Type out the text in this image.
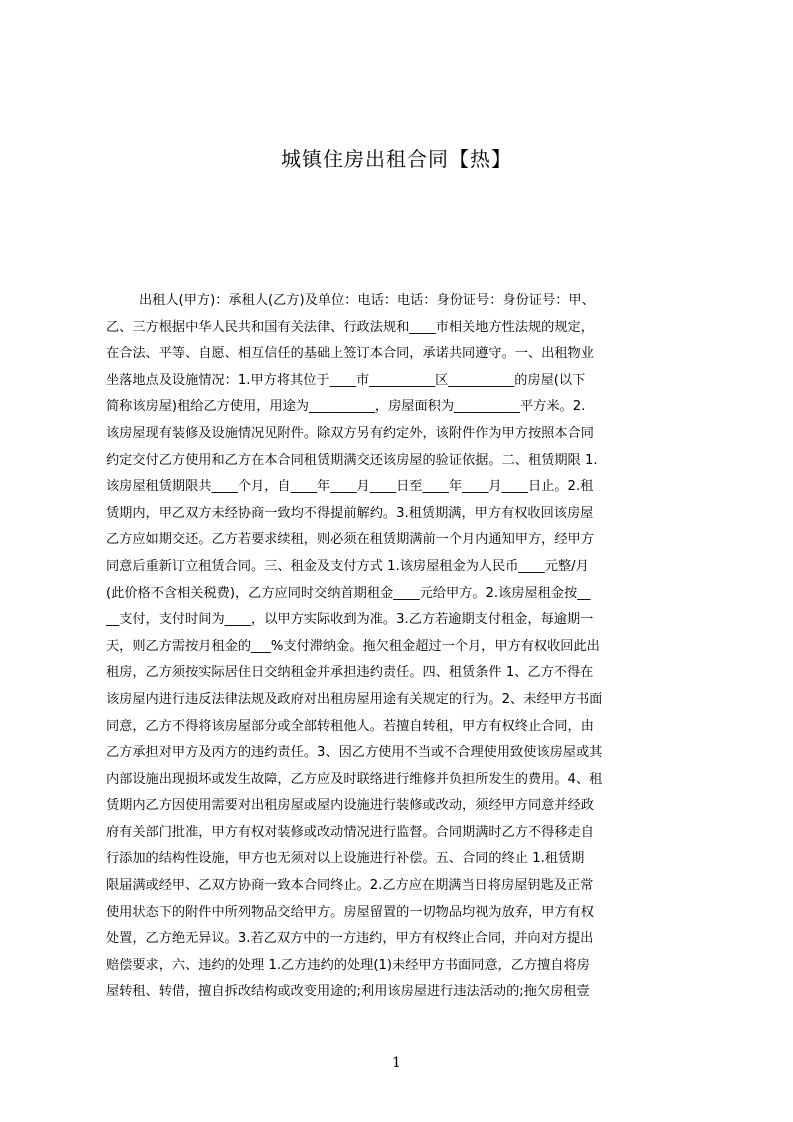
城镇住房出租合同【热】
出租人(甲方)：承租人(乙方)及单位：电话：电话：身份证号：身份证号：甲、
乙、三方根据中华人民共和国有关法律、行政法规和____市相关地方性法规的规定，
在合法、平等、自愿、相互信任的基础上签订本合同，承诺共同遵守。一、出租物业
坐落地点及设施情况：1.甲方将其位于____市__________区__________的房屋(以下
简称该房屋)租给乙方使用，用途为__________，房屋面积为__________平方米。2.
该房屋现有装修及设施情况见附件。除双方另有约定外，该附件作为甲方按照本合同
约定交付乙方使用和乙方在本合同租赁期满交还该房屋的验证依据。二、租赁期限 1.
该房屋租赁期限共____个月，自____年____月____日至____年____月____日止。2.租
赁期内，甲乙双方未经协商一致均不得提前解约。3.租赁期满，甲方有权收回该房屋
乙方应如期交还。乙方若要求续租，则必须在租赁期满前一个月内通知甲方，经甲方
同意后重新订立租赁合同。三、租金及支付方式 1.该房屋租金为人民币____元整/月
(此价格不含相关税费)，乙方应同时交纳首期租金____元给甲方。2.该房屋租金按__
__支付，支付时间为____，以甲方实际收到为准。3.乙方若逾期支付租金，每逾期一
天，则乙方需按月租金的___%支付滞纳金。拖欠租金超过一个月，甲方有权收回此出
租房，乙方须按实际居住日交纳租金并承担违约责任。四、租赁条件 1、乙方不得在
该房屋内进行违反法律法规及政府对出租房屋用途有关规定的行为。2、未经甲方书面
同意，乙方不得将该房屋部分或全部转租他人。若擅自转租，甲方有权终止合同，由
乙方承担对甲方及丙方的违约责任。3、因乙方使用不当或不合理使用致使该房屋或其
内部设施出现损坏或发生故障，乙方应及时联络进行维修并负担所发生的费用。4、租
赁期内乙方因使用需要对出租房屋或屋内设施进行装修或改动，须经甲方同意并经政
府有关部门批准，甲方有权对装修或改动情况进行监督。合同期满时乙方不得移走自
行添加的结构性设施，甲方也无须对以上设施进行补偿。五、合同的终止 1.租赁期
限届满或经甲、乙双方协商一致本合同终止。2.乙方应在期满当日将房屋钥匙及正常
使用状态下的附件中所列物品交给甲方。房屋留置的一切物品均视为放弃，甲方有权
处置，乙方绝无异议。3.若乙双方中的一方违约，甲方有权终止合同，并向对方提出
赔偿要求，六、违约的处理 1.乙方违约的处理(1)未经甲方书面同意，乙方擅自将房
屋转租、转借，擅自拆改结构或改变用途的;利用该房屋进行违法活动的;拖欠房租壹
1
